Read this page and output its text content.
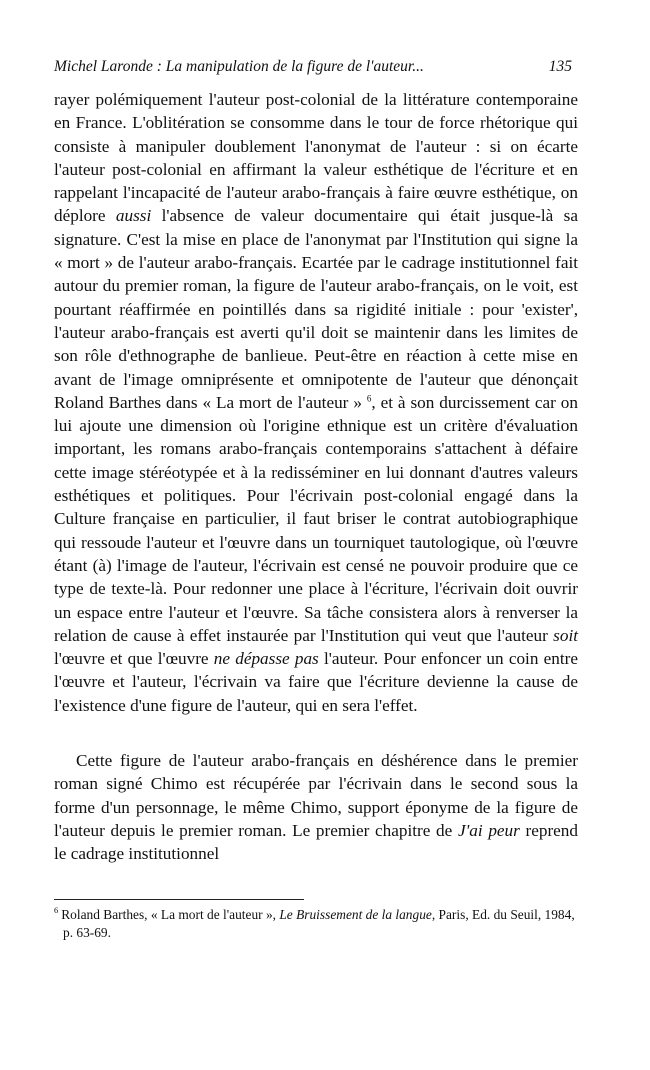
Michel Laronde : La manipulation de la figure de l'auteur...	135

rayer polémiquement l'auteur post-colonial de la littérature contemporaine en France. L'oblitération se consomme dans le tour de force rhétorique qui consiste à manipuler doublement l'anonymat de l'auteur : si on écarte l'auteur post-colonial en affirmant la valeur esthétique de l'écriture et en rappelant l'incapacité de l'auteur arabo-français à faire œuvre esthétique, on déplore aussi l'absence de valeur documentaire qui était jusque-là sa signature. C'est la mise en place de l'anonymat par l'Institution qui signe la « mort » de l'auteur arabo-français. Ecartée par le cadrage institutionnel fait autour du premier roman, la figure de l'auteur arabo-français, on le voit, est pourtant réaffirmée en pointillés dans sa rigidité initiale : pour 'exister', l'auteur arabo-français est averti qu'il doit se maintenir dans les limites de son rôle d'ethnographe de banlieue. Peut-être en réaction à cette mise en avant de l'image omniprésente et omnipotente de l'auteur que dénonçait Roland Barthes dans « La mort de l'auteur » $^6$, et à son durcissement car on lui ajoute une dimension où l'origine ethnique est un critère d'évaluation important, les romans arabo-français contemporains s'attachent à défaire cette image stéréotypée et à la redisséminer en lui donnant d'autres valeurs esthétiques et politiques. Pour l'écrivain post-colonial engagé dans la Culture française en particulier, il faut briser le contrat autobiographique qui ressoude l'auteur et l'œuvre dans un tourniquet tautologique, où l'œuvre étant (à) l'image de l'auteur, l'écrivain est censé ne pouvoir produire que ce type de texte-là. Pour redonner une place à l'écriture, l'écrivain doit ouvrir un espace entre l'auteur et l'œuvre. Sa tâche consistera alors à renverser la relation de cause à effet instaurée par l'Institution qui veut que l'auteur soit l'œuvre et que l'œuvre ne dépasse pas l'auteur. Pour enfoncer un coin entre l'œuvre et l'auteur, l'écrivain va faire que l'écriture devienne la cause de l'existence d'une figure de l'auteur, qui en sera l'effet.

Cette figure de l'auteur arabo-français en déshérence dans le premier roman signé Chimo est récupérée par l'écrivain dans le second sous la forme d'un personnage, le même Chimo, support éponyme de la figure de l'auteur depuis le premier roman. Le premier chapitre de J'ai peur reprend le cadrage institutionnel

$^6$ Roland Barthes, « La mort de l'auteur », Le Bruissement de la langue, Paris, Ed. du Seuil, 1984, p. 63-69.
